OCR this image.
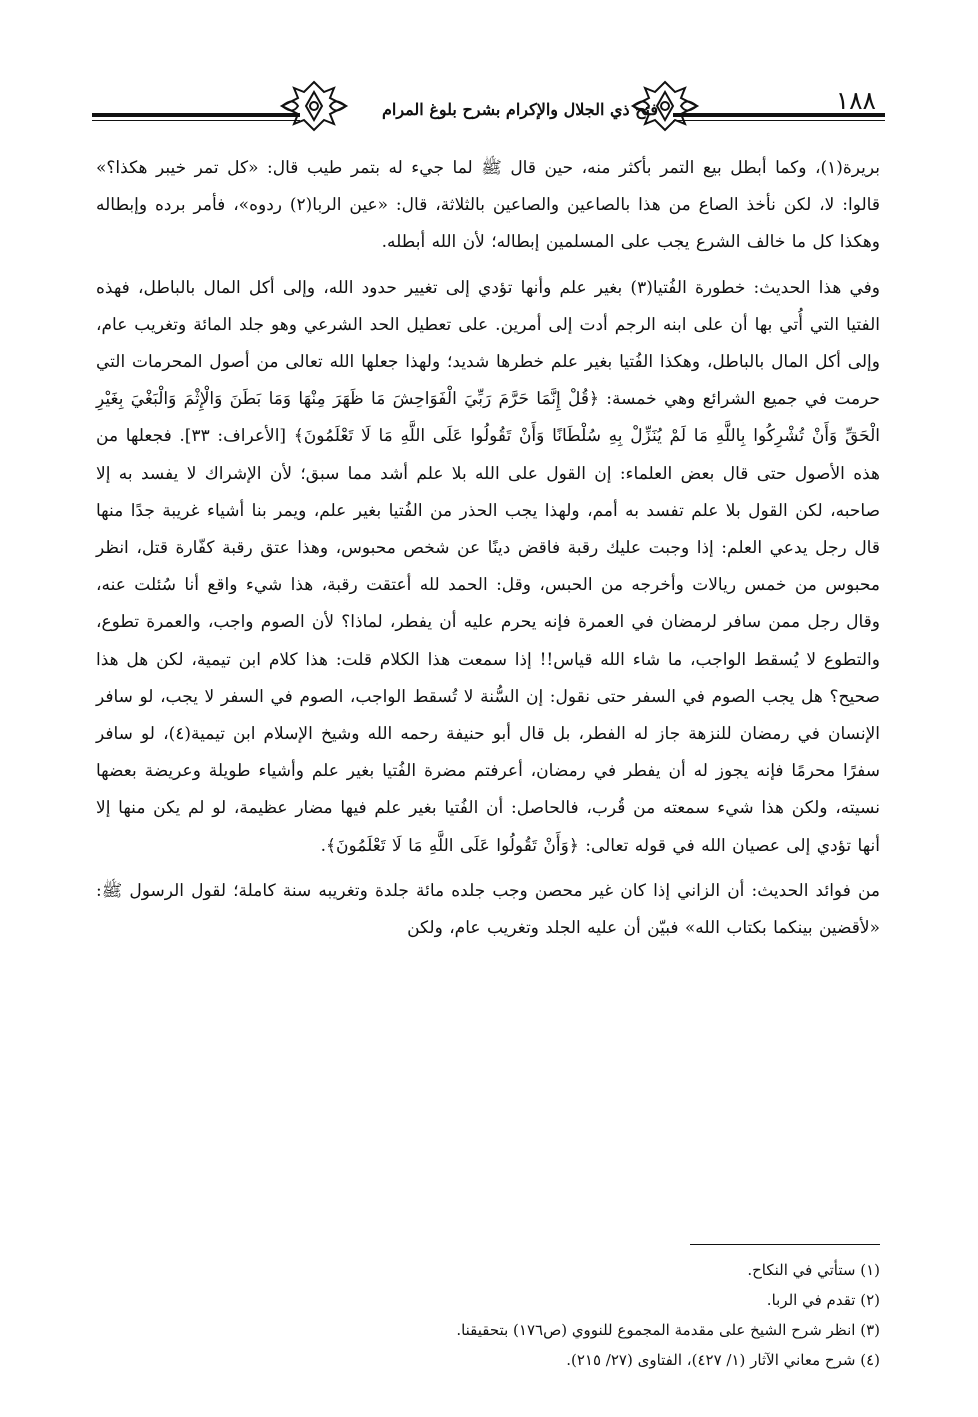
فتح ذي الجلال والإكرام بشرح بلوغ المرام	١٨٨

بريرة(١)، وكما أبطل بيع التمر بأكثر منه، حين قال ﷺ لما جيء له بتمر طيب قال: «كل تمر خيبر هكذا؟» قالوا: لا، لكن نأخذ الصاع من هذا بالصاعين والصاعين بالثلاثة، قال: «عين الربا(٢) ردوه»، فأمر برده وإبطاله وهكذا كل ما خالف الشرع يجب على المسلمين إبطاله؛ لأن الله أبطله.

وفي هذا الحديث: خطورة الفُتيا(٣) بغير علم وأنها تؤدي إلى تغيير حدود الله، وإلى أكل المال بالباطل، فهذه الفتيا التي أُتي بها أن على ابنه الرجم أدت إلى أمرين. على تعطيل الحد الشرعي وهو جلد المائة وتغريب عام، وإلى أكل المال بالباطل، وهكذا الفُتيا بغير علم خطرها شديد؛ ولهذا جعلها الله تعالى من أصول المحرمات التي حرمت في جميع الشرائع وهي خمسة: ﴿قُلْ إِنَّمَا حَرَّمَ رَبِّيَ الْفَوَاحِشَ مَا ظَهَرَ مِنْهَا وَمَا بَطَنَ وَالْإِثْمَ وَالْبَغْيَ بِغَيْرِ الْحَقِّ وَأَنْ تُشْرِكُوا بِاللَّهِ مَا لَمْ يُنَزِّلْ بِهِ سُلْطَانًا وَأَنْ تَقُولُوا عَلَى اللَّهِ مَا لَا تَعْلَمُونَ﴾ [الأعراف: ٣٣]. فجعلها من هذه الأصول حتى قال بعض العلماء: إن القول على الله بلا علم أشد مما سبق؛ لأن الإشراك لا يفسد به إلا صاحبه، لكن القول بلا علم تفسد به أمم، ولهذا يجب الحذر من الفُتيا بغير علم، ويمر بنا أشياء غريبة جدًا منها قال رجل يدعي العلم: إذا وجبت عليك رقبة فاقض دينًا عن شخص محبوس، وهذا عتق رقبة كفّارة قتل، انظر محبوس من خمس ريالات وأخرجه من الحبس، وقل: الحمد لله أعتقت رقبة، هذا شيء واقع أنا سُئلت عنه، وقال رجل ممن سافر لرمضان في العمرة فإنه يحرم عليه أن يفطر، لماذا؟ لأن الصوم واجب، والعمرة تطوع، والتطوع لا يُسقط الواجب، ما شاء الله قياس!! إذا سمعت هذا الكلام قلت: هذا كلام ابن تيمية، لكن هل هذا صحيح؟ هل يجب الصوم في السفر حتى نقول: إن السُّنة لا تُسقط الواجب، الصوم في السفر لا يجب، لو سافر الإنسان في رمضان للنزهة جاز له الفطر، بل قال أبو حنيفة رحمه الله وشيخ الإسلام ابن تيمية(٤)، لو سافر سفرًا محرمًا فإنه يجوز له أن يفطر في رمضان، أعرفتم مضرة الفُتيا بغير علم وأشياء طويلة وعريضة بعضها نسيته، ولكن هذا شيء سمعته من قُرب، فالحاصل: أن الفُتيا بغير علم فيها مضار عظيمة، لو لم يكن منها إلا أنها تؤدي إلى عصيان الله في قوله تعالى: ﴿وَأَنْ تَقُولُوا عَلَى اللَّهِ مَا لَا تَعْلَمُونَ﴾.

من فوائد الحديث: أن الزاني إذا كان غير محصن وجب جلده مائة جلدة وتغريبه سنة كاملة؛ لقول الرسول ﷺ: «لأقضين بينكما بكتاب الله» فبيّن أن عليه الجلد وتغريب عام، ولكن

(١) ستأتي في النكاح.
(٢) تقدم في الربا.
(٣) انظر شرح الشيخ على مقدمة المجموع للنووي (ص١٧٦) بتحقيقنا.
(٤) شرح معاني الآثار (١/ ٤٢٧)، الفتاوى (٢٧/ ٢١٥).
